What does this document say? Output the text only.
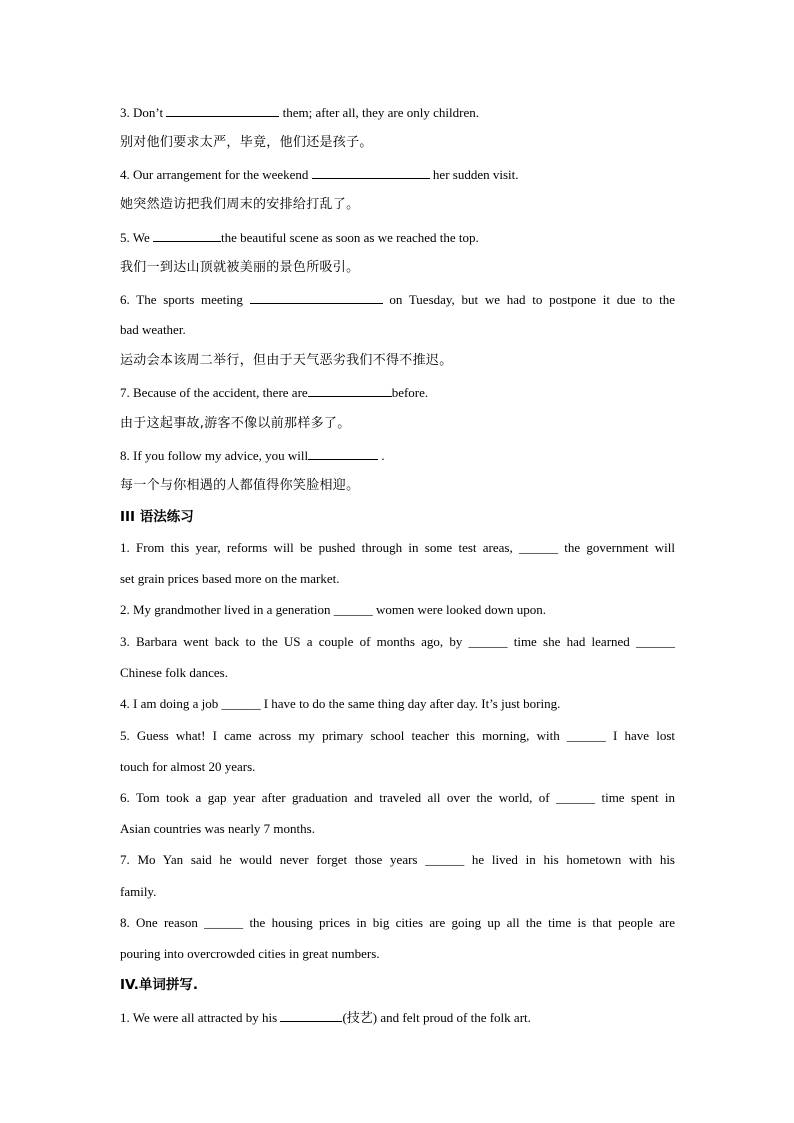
3. Don’t	them; after all, they are only children.
别对他们要求太严，毕竟，他们还是孩子。
4. Our arrangement for the weekend	her sudden visit.
她突然造访把我们周末的安排给打乱了。
5. We	the beautiful scene as soon as we reached the top.
我们一到达山顶就被美丽的景色所吸引。
6. The sports meeting	on Tuesday, but we had to postpone it due to the
bad weather.
运动会本该周二举行，但由于天气恶劣我们不得不推迟。
7. Because of the accident, there are	before.
由于这起事故,游客不像以前那样多了。
8. If you follow my advice, you will	.
每一个与你相遇的人都值得你笑脸相迎。
III 语法练习
1. From this year, reforms will be pushed through in some test areas, ______ the government will
set grain prices based more on the market.
2. My grandmother lived in a generation ______ women were looked down upon.
3. Barbara went back to the US a couple of months ago, by ______ time she had learned ______
Chinese folk dances.
4. I am doing a job ______ I have to do the same thing day after day. It’s just boring.
5. Guess what! I came across my primary school teacher this morning, with ______ I have lost
touch for almost 20 years.
6. Tom took a gap year after graduation and traveled all over the world, of ______ time spent in
Asian countries was nearly 7 months.
7. Mo Yan said he would never forget those years ______ he lived in his hometown with his
family.
8. One reason ______ the housing prices in big cities are going up all the time is that people are
pouring into overcrowded cities in great numbers.
IV.单词拼写.
1. We were all attracted by his	(技艺) and felt proud of the folk art.
